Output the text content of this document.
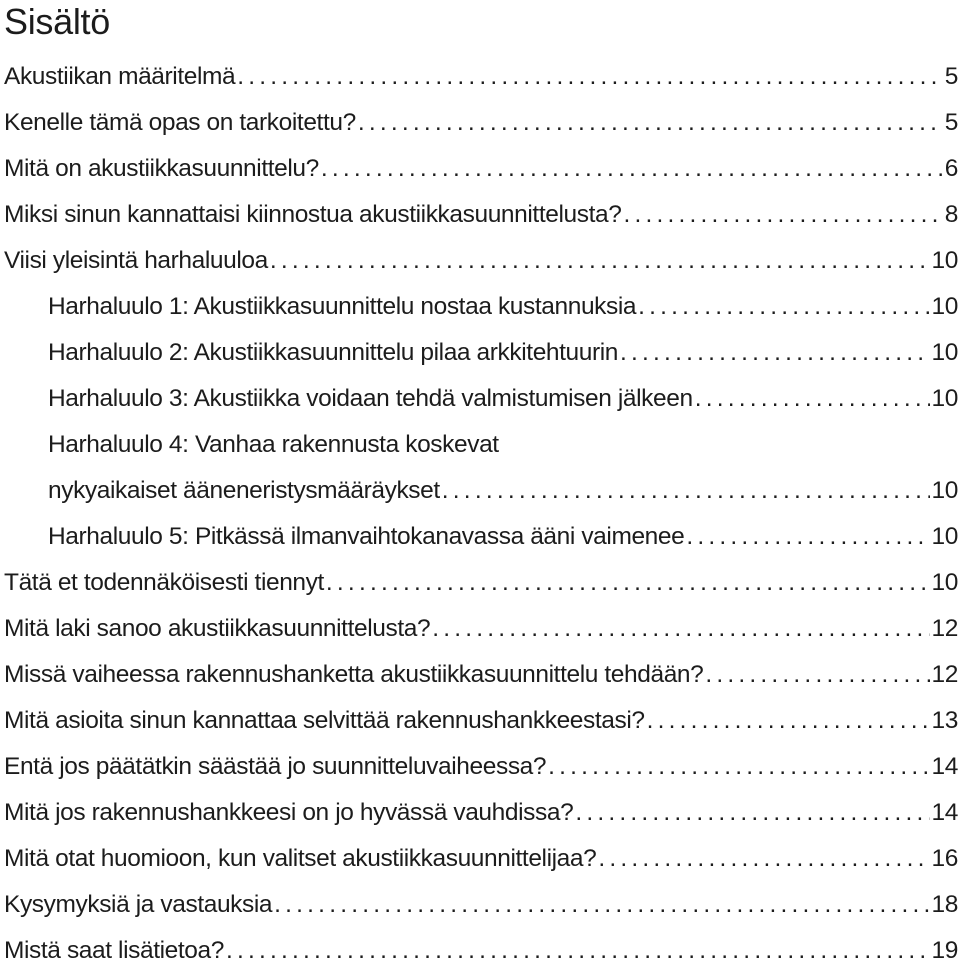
Sisältö
Akustiikan määritelmä .....	5
Kenelle tämä opas on tarkoitettu? .....	5
Mitä on akustiikkasuunnittelu? .....	6
Miksi sinun kannattaisi kiinnostua akustiikkasuunnittelusta? .....	8
Viisi yleisintä harhaluuloa .....	10
Harhaluulo 1: Akustiikkasuunnittelu nostaa kustannuksia .....	10
Harhaluulo 2: Akustiikkasuunnittelu pilaa arkkitehtuurin .....	10
Harhaluulo 3: Akustiikka voidaan tehdä valmistumisen jälkeen .....	10
Harhaluulo 4: Vanhaa rakennusta koskevat
nykyaikaiset ääneneristysmääräykset .....	10
Harhaluulo 5: Pitkässä ilmanvaihtokanavassa ääni vaimenee .....	10
Tätä et todennäköisesti tiennyt .....	10
Mitä laki sanoo akustiikkasuunnittelusta? .....	12
Missä vaiheessa rakennushanketta akustiikkasuunnittelu tehdään? .....	12
Mitä asioita sinun kannattaa selvittää rakennushankkeestasi? .....	13
Entä jos päätätkin säästää jo suunnitteluvaiheessa? .....	14
Mitä jos rakennushankkeesi on jo hyvässä vauhdissa? .....	14
Mitä otat huomioon, kun valitset akustiikkasuunnittelijaa? .....	16
Kysymyksiä ja vastauksia .....	18
Mistä saat lisätietoa? .....	19
